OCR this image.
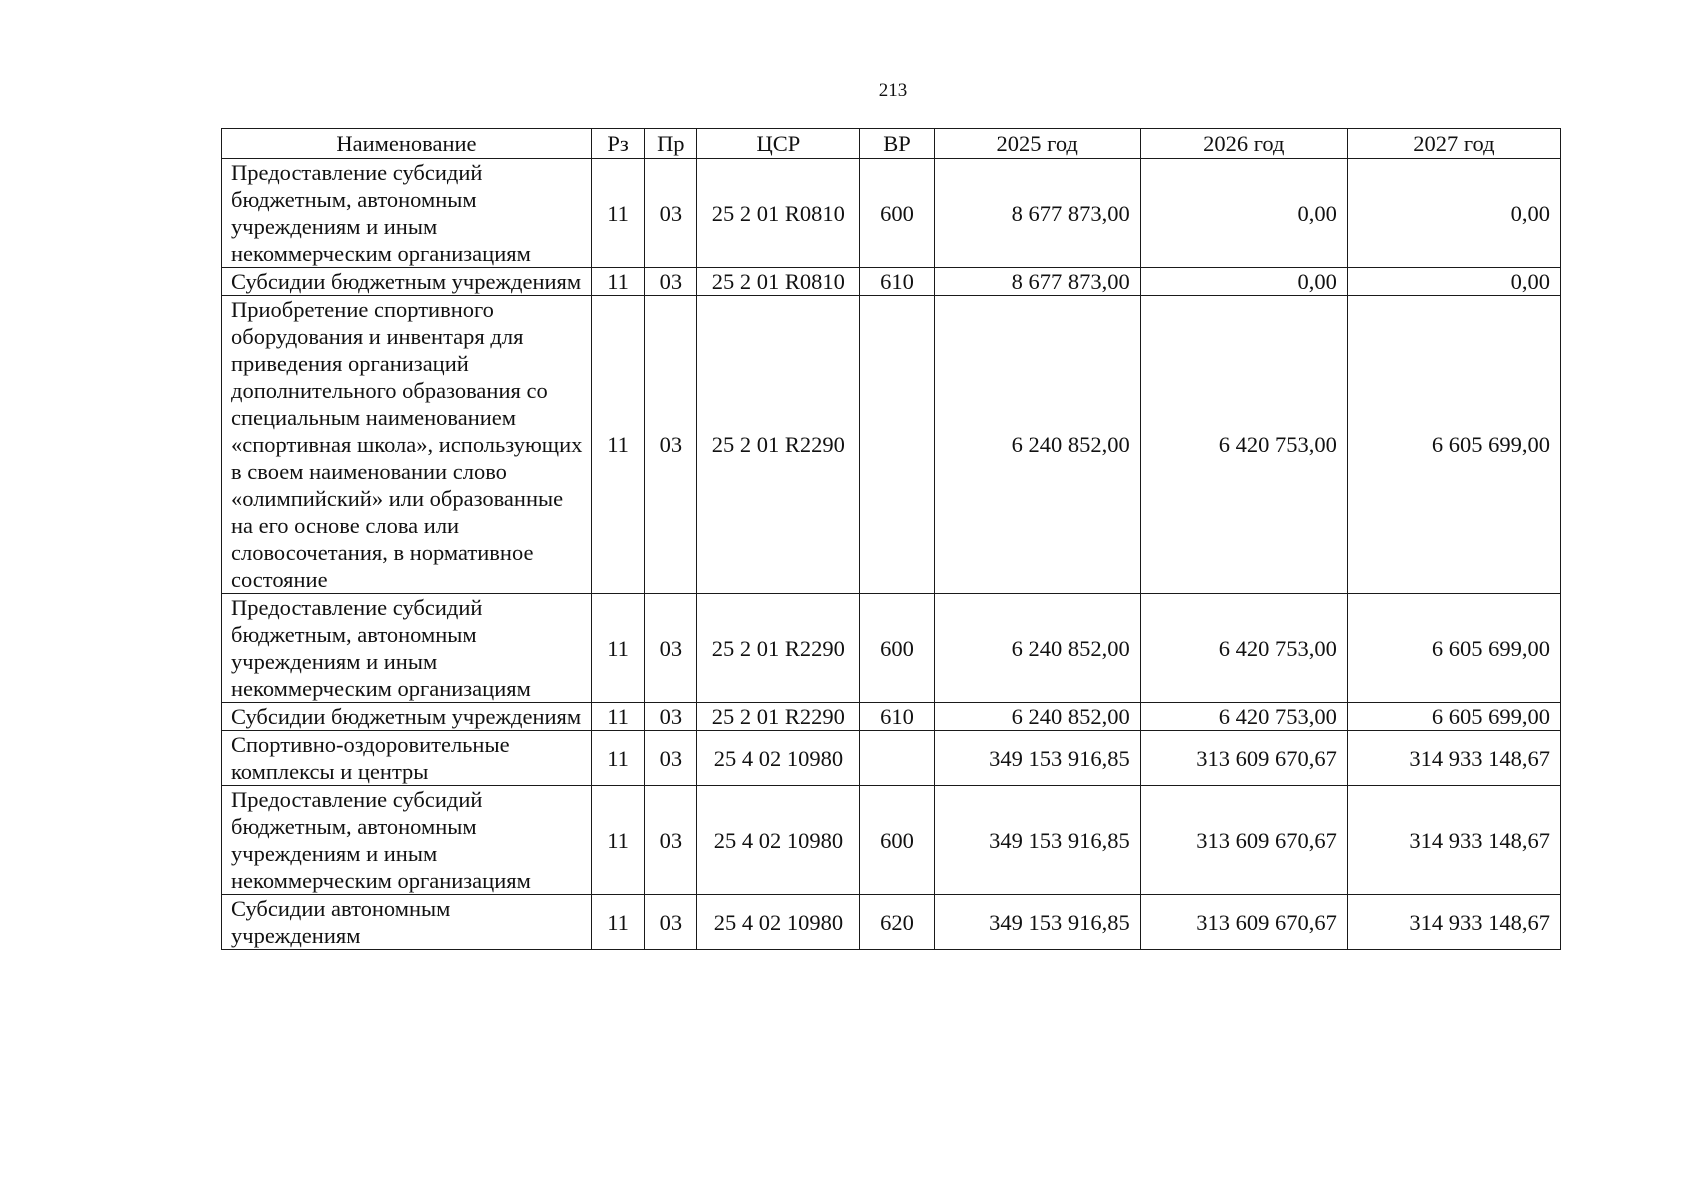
213
Наименование	Рз	Пр	ЦСР	ВР	2025 год	2026 год	2027 год
Предоставление субсидий бюджетным, автономным учреждениям и иным некоммерческим организациям	11	03	25 2 01 R0810	600	8 677 873,00	0,00	0,00
Субсидии бюджетным учреждениям	11	03	25 2 01 R0810	610	8 677 873,00	0,00	0,00
Приобретение спортивного оборудования и инвентаря для приведения организаций дополнительного образования со специальным наименованием «спортивная школа», использующих в своем наименовании слово «олимпийский» или образованные на его основе слова или словосочетания, в нормативное состояние	11	03	25 2 01 R2290		6 240 852,00	6 420 753,00	6 605 699,00
Предоставление субсидий бюджетным, автономным учреждениям и иным некоммерческим организациям	11	03	25 2 01 R2290	600	6 240 852,00	6 420 753,00	6 605 699,00
Субсидии бюджетным учреждениям	11	03	25 2 01 R2290	610	6 240 852,00	6 420 753,00	6 605 699,00
Спортивно-оздоровительные комплексы и центры	11	03	25 4 02 10980		349 153 916,85	313 609 670,67	314 933 148,67
Предоставление субсидий бюджетным, автономным учреждениям и иным некоммерческим организациям	11	03	25 4 02 10980	600	349 153 916,85	313 609 670,67	314 933 148,67
Субсидии автономным учреждениям	11	03	25 4 02 10980	620	349 153 916,85	313 609 670,67	314 933 148,67
